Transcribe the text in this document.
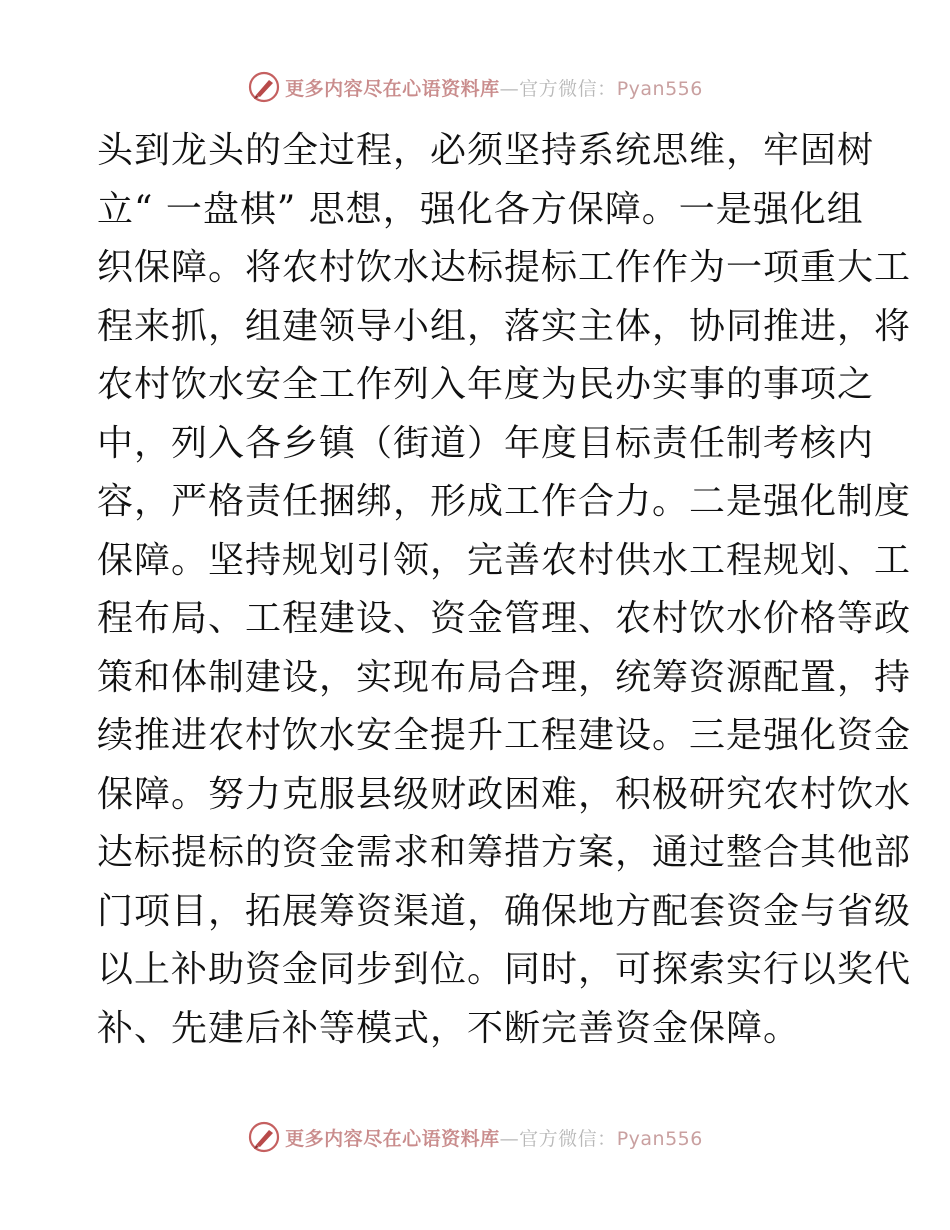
更多内容尽在心语资料库—官方微信：Pyan556
头到龙头的全过程，必须坚持系统思维，牢固树
立“ 一盘棋” 思想，强化各方保障。一是强化组
织保障。将农村饮水达标提标工作作为一项重大工
程来抓，组建领导小组，落实主体，协同推进，将
农村饮水安全工作列入年度为民办实事的事项之
中，列入各乡镇（街道）年度目标责任制考核内
容，严格责任捆绑，形成工作合力。二是强化制度
保障。坚持规划引领，完善农村供水工程规划、工
程布局、工程建设、资金管理、农村饮水价格等政
策和体制建设，实现布局合理，统筹资源配置，持
续推进农村饮水安全提升工程建设。三是强化资金
保障。努力克服县级财政困难，积极研究农村饮水
达标提标的资金需求和筹措方案，通过整合其他部
门项目，拓展筹资渠道，确保地方配套资金与省级
以上补助资金同步到位。同时，可探索实行以奖代
补、先建后补等模式，不断完善资金保障。
更多内容尽在心语资料库—官方微信：Pyan556
